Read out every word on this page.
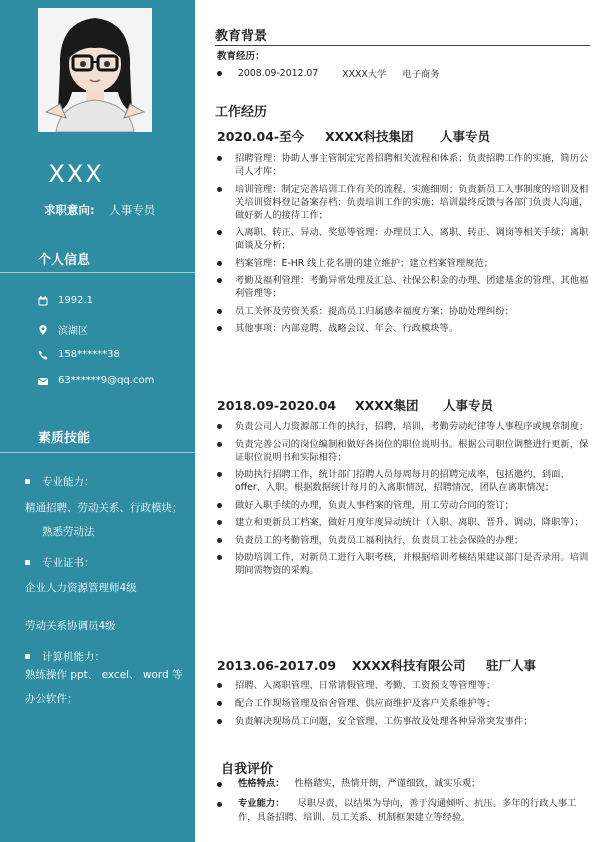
XXX
求职意向: 人事专员
个人信息
1992.1
滨湖区
158******38
63******9@qq.com
素质技能
专业能力：
精通招聘、劳动关系、行政模块；
熟悉劳动法
专业证书：
企业人力资源管理师4级
劳动关系协调员4级
计算机能力：
熟练操作 ppt、 excel、 word 等
办公软件；
教育背景
教育经历：
2008.09-2012.07	XXXX大学 电子商务
工作经历
2020.04-至今 XXXX科技集团 人事专员
招聘管理：协助人事主管制定完善招聘相关流程和体系；负责招聘工作的实施，简历公司人才库；
培训管理：制定完善培训工作有关的流程、实施细则；负责新员工入事制度的培训及相关培训资料登记备案存档；负责培训工作的实施；培训最终反馈与各部门负责人沟通，做好新人的接待工作；
入离职、转正、异动、奖惩等管理：办理员工入、离职、转正、调岗等相关手续；离职面谈及分析；
档案管理：E-HR 线上花名册的建立维护；建立档案管理规范；
考勤及福利管理：考勤异常处理及汇总、社保公积金的办理、团建基金的管理、其他福利管理等；
员工关怀及劳资关系：提高员工归属感幸福度方案；协助处理纠纷；
其他事项：内部竞聘、战略会议、年会、行政模块等。
2018.09-2020.04 XXXX集团 人事专员
负责公司人力资源部工作的执行，招聘，培训，考勤劳动纪律等人事程序或规章制度；
负责完善公司的岗位编制和做好各岗位的职位说明书。根据公司职位调整进行更新，保证职位说明书和实际相符；
协助执行招聘工作，统计部门招聘人员每周每月的招聘完成率，包括邀约、到面、offer、入职。根据数据统计每月的入离职情况，招聘情况，团队在离职情况；
做好入职手续的办理，负责人事档案的管理，用工劳动合同的签订；
建立和更新员工档案，做好月度年度异动统计（入职、离职、晋升、调动、降职等）；
负责员工的考勤管理，负责员工福利执行，负责员工社会保险的办理；
协助培训工作，对新员工进行入职考核，并根据培训考核结果建议部门是否录用。培训期间需物资的采购。
2013.06-2017.09 XXXX科技有限公司 驻厂人事
招聘、入离职管理、日常请假管理、考勤、工资预支等管理等；
配合工作现场管理及宿舍管理、供应商维护及客户关系维护等；
负责解决现场员工问题，安全管理、工伤事故及处理各种异常突发事件；
自我评价
性格特点： 性格踏实，热情开朗，严谨细致，诚实乐观；
专业能力： 尽职尽责，以结果为导向，善于沟通倾听、抗压。多年的行政人事工作，具备招聘、培训、员工关系、机制框架建立等经验。
